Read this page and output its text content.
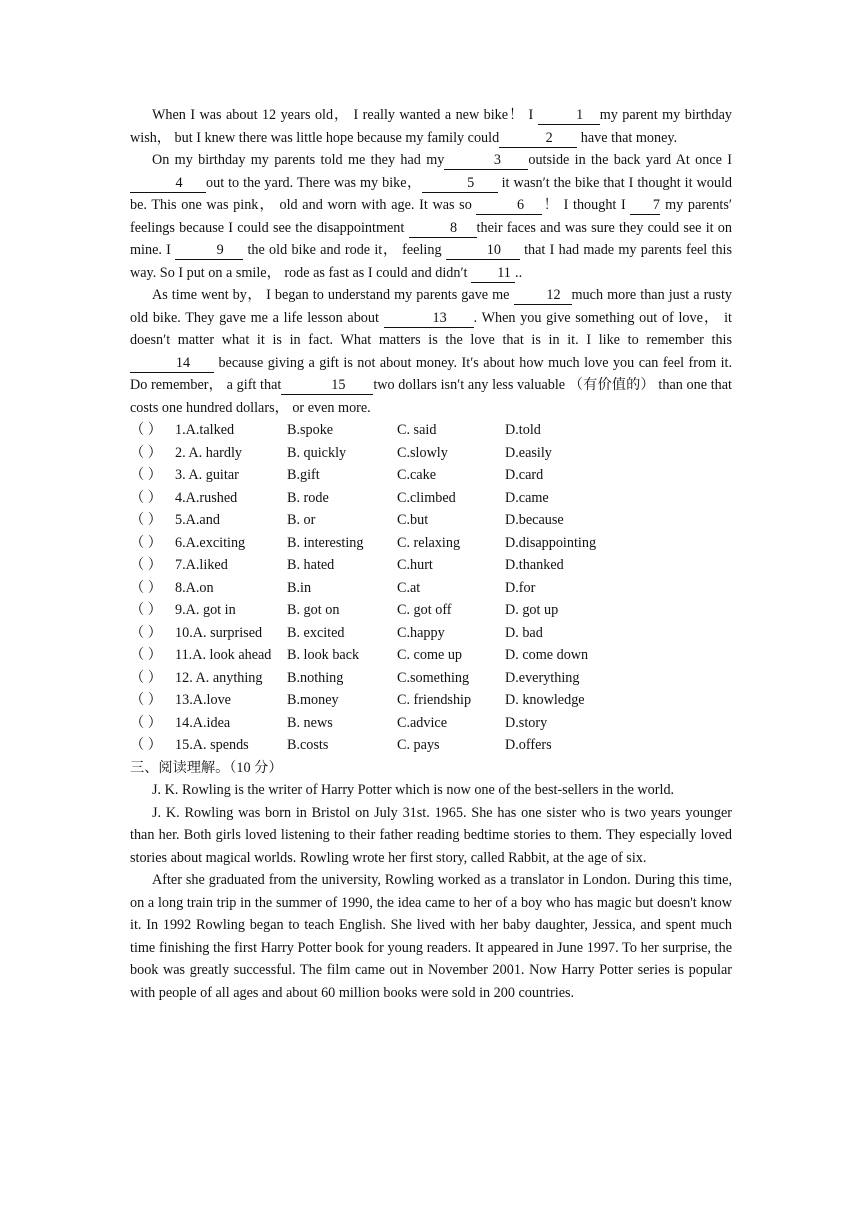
When I was about 12 years old， I really wanted a new bike！ I	1 my parent my birthday wish， but I knew there was little hope because my family could	2 have that money.

On my birthday my parents told me they had my	3 outside in the back yard At once I 4 out to the yard. There was my bike，	5 it wasn′t the bike that I thought it would be. This one was pink， old and worn with age. It was so	6 ！ I thought I 7 my parents′ feelings because I could see the disappointment	8 their faces and was sure they could see it on mine. I	9 the old bike and rode it， feeling	10 that I had made my parents feel this way. So I put on a smile， rode as fast as I could and didn′t 11 ..

As time went by， I began to understand my parents gave me 12 much more than just a rusty old bike. They gave me a life lesson about	13 . When you give something out of love， it doesn′t matter what it is in fact. What matters is the love that is in it. I like to remember this14 because giving a gift is not about money. It′s about how much love you can feel from it. Do remember， a gift that	15 two dollars isn′t any less valuable （有价值的） than one that costs one hundred dollars， or even more.

（ ） 1.A.talked	B.spoke	C. said	D.told
（ ） 2. A. hardly	B. quickly	C.slowly	D.easily
（ ） 3. A. guitar	B.gift	C.cake	D.card
（ ） 4.A.rushed	B. rode	C.climbed	D.came
（ ） 5.A.and	B. or	C.but	D.because
（ ） 6.A.exciting	B. interesting C. relaxing	D.disappointing
（ ） 7.A.liked	B. hated	C.hurt	D.thanked
（ ） 8.A.on	B.in	C.at	D.for
（ ） 9.A. got in	B. got on	C. got off	D. got up
（ ） 10.A. surprised B. excited	C.happy	D. bad
（ ） 11.A. look ahead B. look back	C. come up	D. come down
（ ） 12. A. anything B.nothing	C.something	D.everything
（ ） 13.A.love	B.money	C. friendship D. knowledge
（ ） 14.A.idea	B. news	C.advice	D.story
（ ） 15.A. spends	B.costs	C. pays	D.offers

三、阅读理解。（10 分）

J. K. Rowling is the writer of Harry Potter which is now one of the best-sellers in the world.

J. K. Rowling was born in Bristol on July 31st. 1965. She has one sister who is two years younger than her. Both girls loved listening to their father reading bedtime stories to them. They especially loved stories about magical worlds. Rowling wrote her first story, called Rabbit, at the age of six.

After she graduated from the university, Rowling worked as a translator in London. During this time, on a long train trip in the summer of 1990, the idea came to her of a boy who has magic but doesn't know it. In 1992 Rowling began to teach English. She lived with her baby daughter, Jessica, and spent much time finishing the first Harry Potter book for young readers. It appeared in June 1997. To her surprise, the book was greatly successful. The film came out in November 2001. Now Harry Potter series is popular with people of all ages and about 60 million books were sold in 200 countries.
